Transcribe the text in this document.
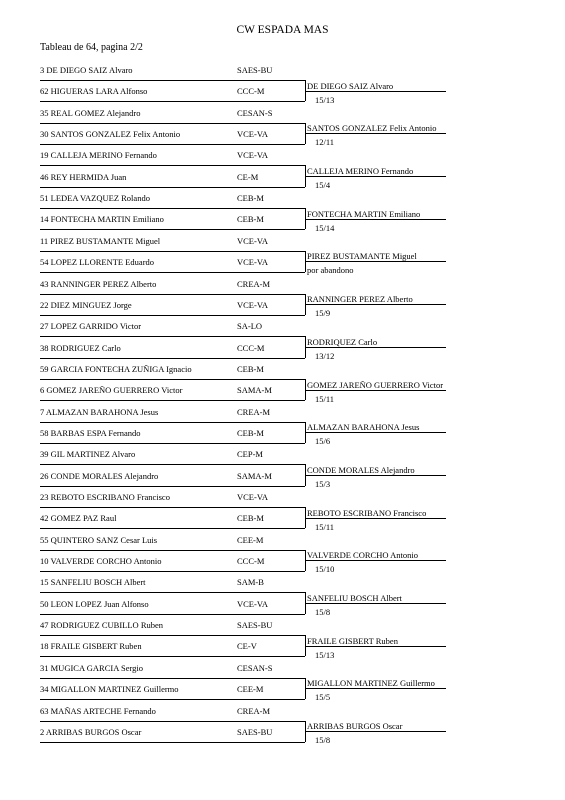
CW ESPADA MAS
Tableau de 64, pagina 2/2
3 DE DIEGO SAIZ Alvaro	SAES-BU
62 HIGUERAS LARA Alfonso	CCC-M
DE DIEGO SAIZ Alvaro
15/13
35 REAL GOMEZ Alejandro	CESAN-S
30 SANTOS GONZALEZ Felix Antonio	VCE-VA
SANTOS GONZALEZ Felix Antonio
12/11
19 CALLEJA MERINO Fernando	VCE-VA
46 REY HERMIDA Juan	CE-M
CALLEJA MERINO Fernando
15/4
51 LEDEA VAZQUEZ Rolando	CEB-M
14 FONTECHA MARTIN Emiliano	CEB-M
FONTECHA MARTIN Emiliano
15/14
11 PIREZ BUSTAMANTE Miguel	VCE-VA
54 LOPEZ LLORENTE Eduardo	VCE-VA
PIREZ BUSTAMANTE Miguel
por abandono
43 RANNINGER PEREZ Alberto	CREA-M
22 DIEZ MINGUEZ Jorge	VCE-VA
RANNINGER PEREZ Alberto
15/9
27 LOPEZ GARRIDO Victor	SA-LO
38 RODRIGUEZ Carlo	CCC-M
RODRIQUEZ Carlo
13/12
59 GARCIA FONTECHA ZUÑIGA Ignacio	CEB-M
6 GOMEZ JAREÑO GUERRERO Victor	SAMA-M
GOMEZ JAREÑO GUERRERO Victor
15/11
7 ALMAZAN BARAHONA Jesus	CREA-M
58 BARBAS ESPA Fernando	CEB-M
ALMAZAN BARAHONA Jesus
15/6
39 GIL MARTINEZ Alvaro	CEP-M
26 CONDE MORALES Alejandro	SAMA-M
CONDE MORALES Alejandro
15/3
23 REBOTO ESCRIBANO Francisco	VCE-VA
42 GOMEZ PAZ Raul	CEB-M
REBOTO ESCRIBANO Francisco
15/11
55 QUINTERO SANZ Cesar Luis	CEE-M
10 VALVERDE CORCHO Antonio	CCC-M
VALVERDE CORCHO Antonio
15/10
15 SANFELIU BOSCH Albert	SAM-B
50 LEON LOPEZ Juan Alfonso	VCE-VA
SANFELIU BOSCH Albert
15/8
47 RODRIGUEZ CUBILLO Ruben	SAES-BU
18 FRAILE GISBERT Ruben	CE-V
FRAILE GISBERT Ruben
15/13
31 MUGICA GARCIA Sergio	CESAN-S
34 MIGALLON MARTINEZ Guillermo	CEE-M
MIGALLON MARTINEZ Guillermo
15/5
63 MAÑAS ARTECHE Fernando	CREA-M
2 ARRIBAS BURGOS Oscar	SAES-BU
ARRIBAS BURGOS Oscar
15/8
